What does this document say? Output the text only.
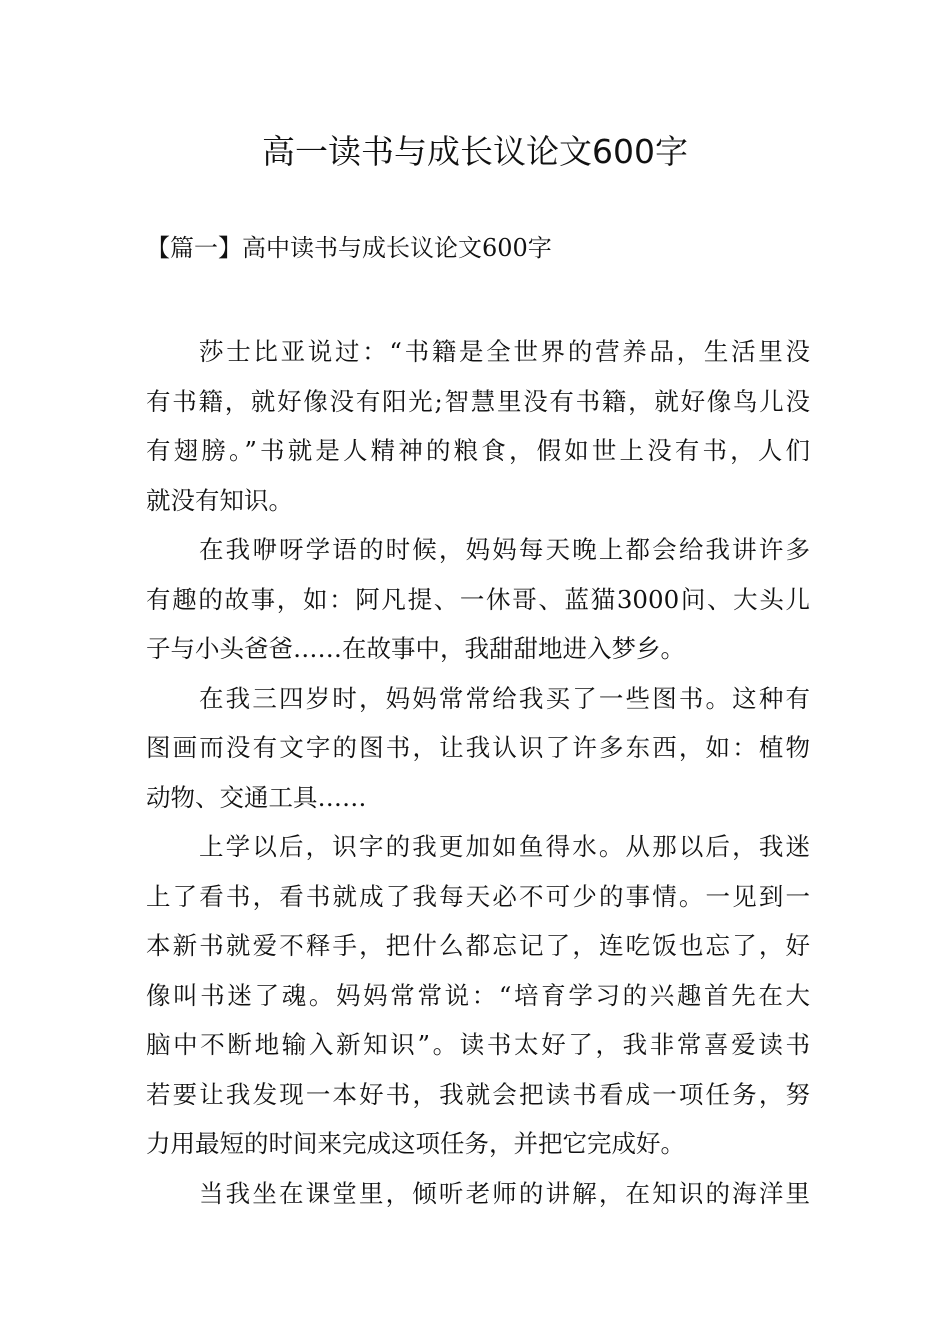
高一读书与成长议论文600字
【篇一】高中读书与成长议论文600字

莎士比亚说过：“书籍是全世界的营养品，生活里没
有书籍，就好像没有阳光;智慧里没有书籍，就好像鸟儿没
有翅膀。”书就是人精神的粮食，假如世上没有书，人们
就没有知识。

在我咿呀学语的时候，妈妈每天晚上都会给我讲许多
有趣的故事，如：阿凡提、一休哥、蓝猫3000问、大头儿
子与小头爸爸……在故事中，我甜甜地进入梦乡。

在我三四岁时，妈妈常常给我买了一些图书。这种有
图画而没有文字的图书，让我认识了许多东西，如：植物
动物、交通工具……

上学以后，识字的我更加如鱼得水。从那以后，我迷
上了看书，看书就成了我每天必不可少的事情。一见到一
本新书就爱不释手，把什么都忘记了，连吃饭也忘了，好
像叫书迷了魂。妈妈常常说：“培育学习的兴趣首先在大
脑中不断地输入新知识”。读书太好了，我非常喜爱读书
若要让我发现一本好书，我就会把读书看成一项任务，努
力用最短的时间来完成这项任务，并把它完成好。

当我坐在课堂里，倾听老师的讲解，在知识的海洋里
